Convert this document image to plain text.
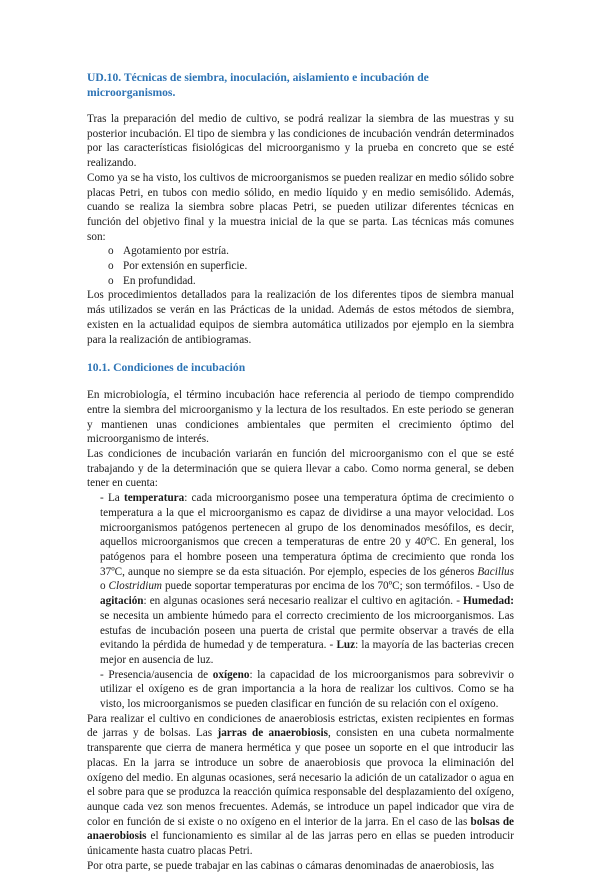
UD.10. Técnicas de siembra, inoculación, aislamiento e incubación de microorganismos.

Tras la preparación del medio de cultivo, se podrá realizar la siembra de las muestras y su posterior incubación. El tipo de siembra y las condiciones de incubación vendrán determinados por las características fisiológicas del microorganismo y la prueba en concreto que se esté realizando.

Como ya se ha visto, los cultivos de microorganismos se pueden realizar en medio sólido sobre placas Petri, en tubos con medio sólido, en medio líquido y en medio semisólido. Además, cuando se realiza la siembra sobre placas Petri, se pueden utilizar diferentes técnicas en función del objetivo final y la muestra inicial de la que se parta. Las técnicas más comunes son:

o Agotamiento por estría.
o Por extensión en superficie.
o En profundidad.

Los procedimientos detallados para la realización de los diferentes tipos de siembra manual más utilizados se verán en las Prácticas de la unidad. Además de estos métodos de siembra, existen en la actualidad equipos de siembra automática utilizados por ejemplo en la siembra para la realización de antibiogramas.

10.1. Condiciones de incubación

En microbiología, el término incubación hace referencia al periodo de tiempo comprendido entre la siembra del microorganismo y la lectura de los resultados. En este periodo se generan y mantienen unas condiciones ambientales que permiten el crecimiento óptimo del microorganismo de interés.

Las condiciones de incubación variarán en función del microorganismo con el que se esté trabajando y de la determinación que se quiera llevar a cabo. Como norma general, se deben tener en cuenta:

- La temperatura: cada microorganismo posee una temperatura óptima de crecimiento o temperatura a la que el microorganismo es capaz de dividirse a una mayor velocidad. Los microorganismos patógenos pertenecen al grupo de los denominados mesófilos, es decir, aquellos microorganismos que crecen a temperaturas de entre 20 y 40ºC. En general, los patógenos para el hombre poseen una temperatura óptima de crecimiento que ronda los 37ºC, aunque no siempre se da esta situación. Por ejemplo, especies de los géneros Bacillus o Clostridium puede soportar temperaturas por encima de los 70ºC; son termófilos. - Uso de agitación: en algunas ocasiones será necesario realizar el cultivo en agitación. - Humedad: se necesita un ambiente húmedo para el correcto crecimiento de los microorganismos. Las estufas de incubación poseen una puerta de cristal que permite observar a través de ella evitando la pérdida de humedad y de temperatura. - Luz: la mayoría de las bacterias crecen mejor en ausencia de luz.
- Presencia/ausencia de oxígeno: la capacidad de los microorganismos para sobrevivir o utilizar el oxígeno es de gran importancia a la hora de realizar los cultivos. Como se ha visto, los microorganismos se pueden clasificar en función de su relación con el oxígeno.

Para realizar el cultivo en condiciones de anaerobiosis estrictas, existen recipientes en formas de jarras y de bolsas. Las jarras de anaerobiosis, consisten en una cubeta normalmente transparente que cierra de manera hermética y que posee un soporte en el que introducir las placas. En la jarra se introduce un sobre de anaerobiosis que provoca la eliminación del oxígeno del medio. En algunas ocasiones, será necesario la adición de un catalizador o agua en el sobre para que se produzca la reacción química responsable del desplazamiento del oxígeno, aunque cada vez son menos frecuentes. Además, se introduce un papel indicador que vira de color en función de si existe o no oxígeno en el interior de la jarra. En el caso de las bolsas de anaerobiosis el funcionamiento es similar al de las jarras pero en ellas se pueden introducir únicamente hasta cuatro placas Petri.

Por otra parte, se puede trabajar en las cabinas o cámaras denominadas de anaerobiosis, las
